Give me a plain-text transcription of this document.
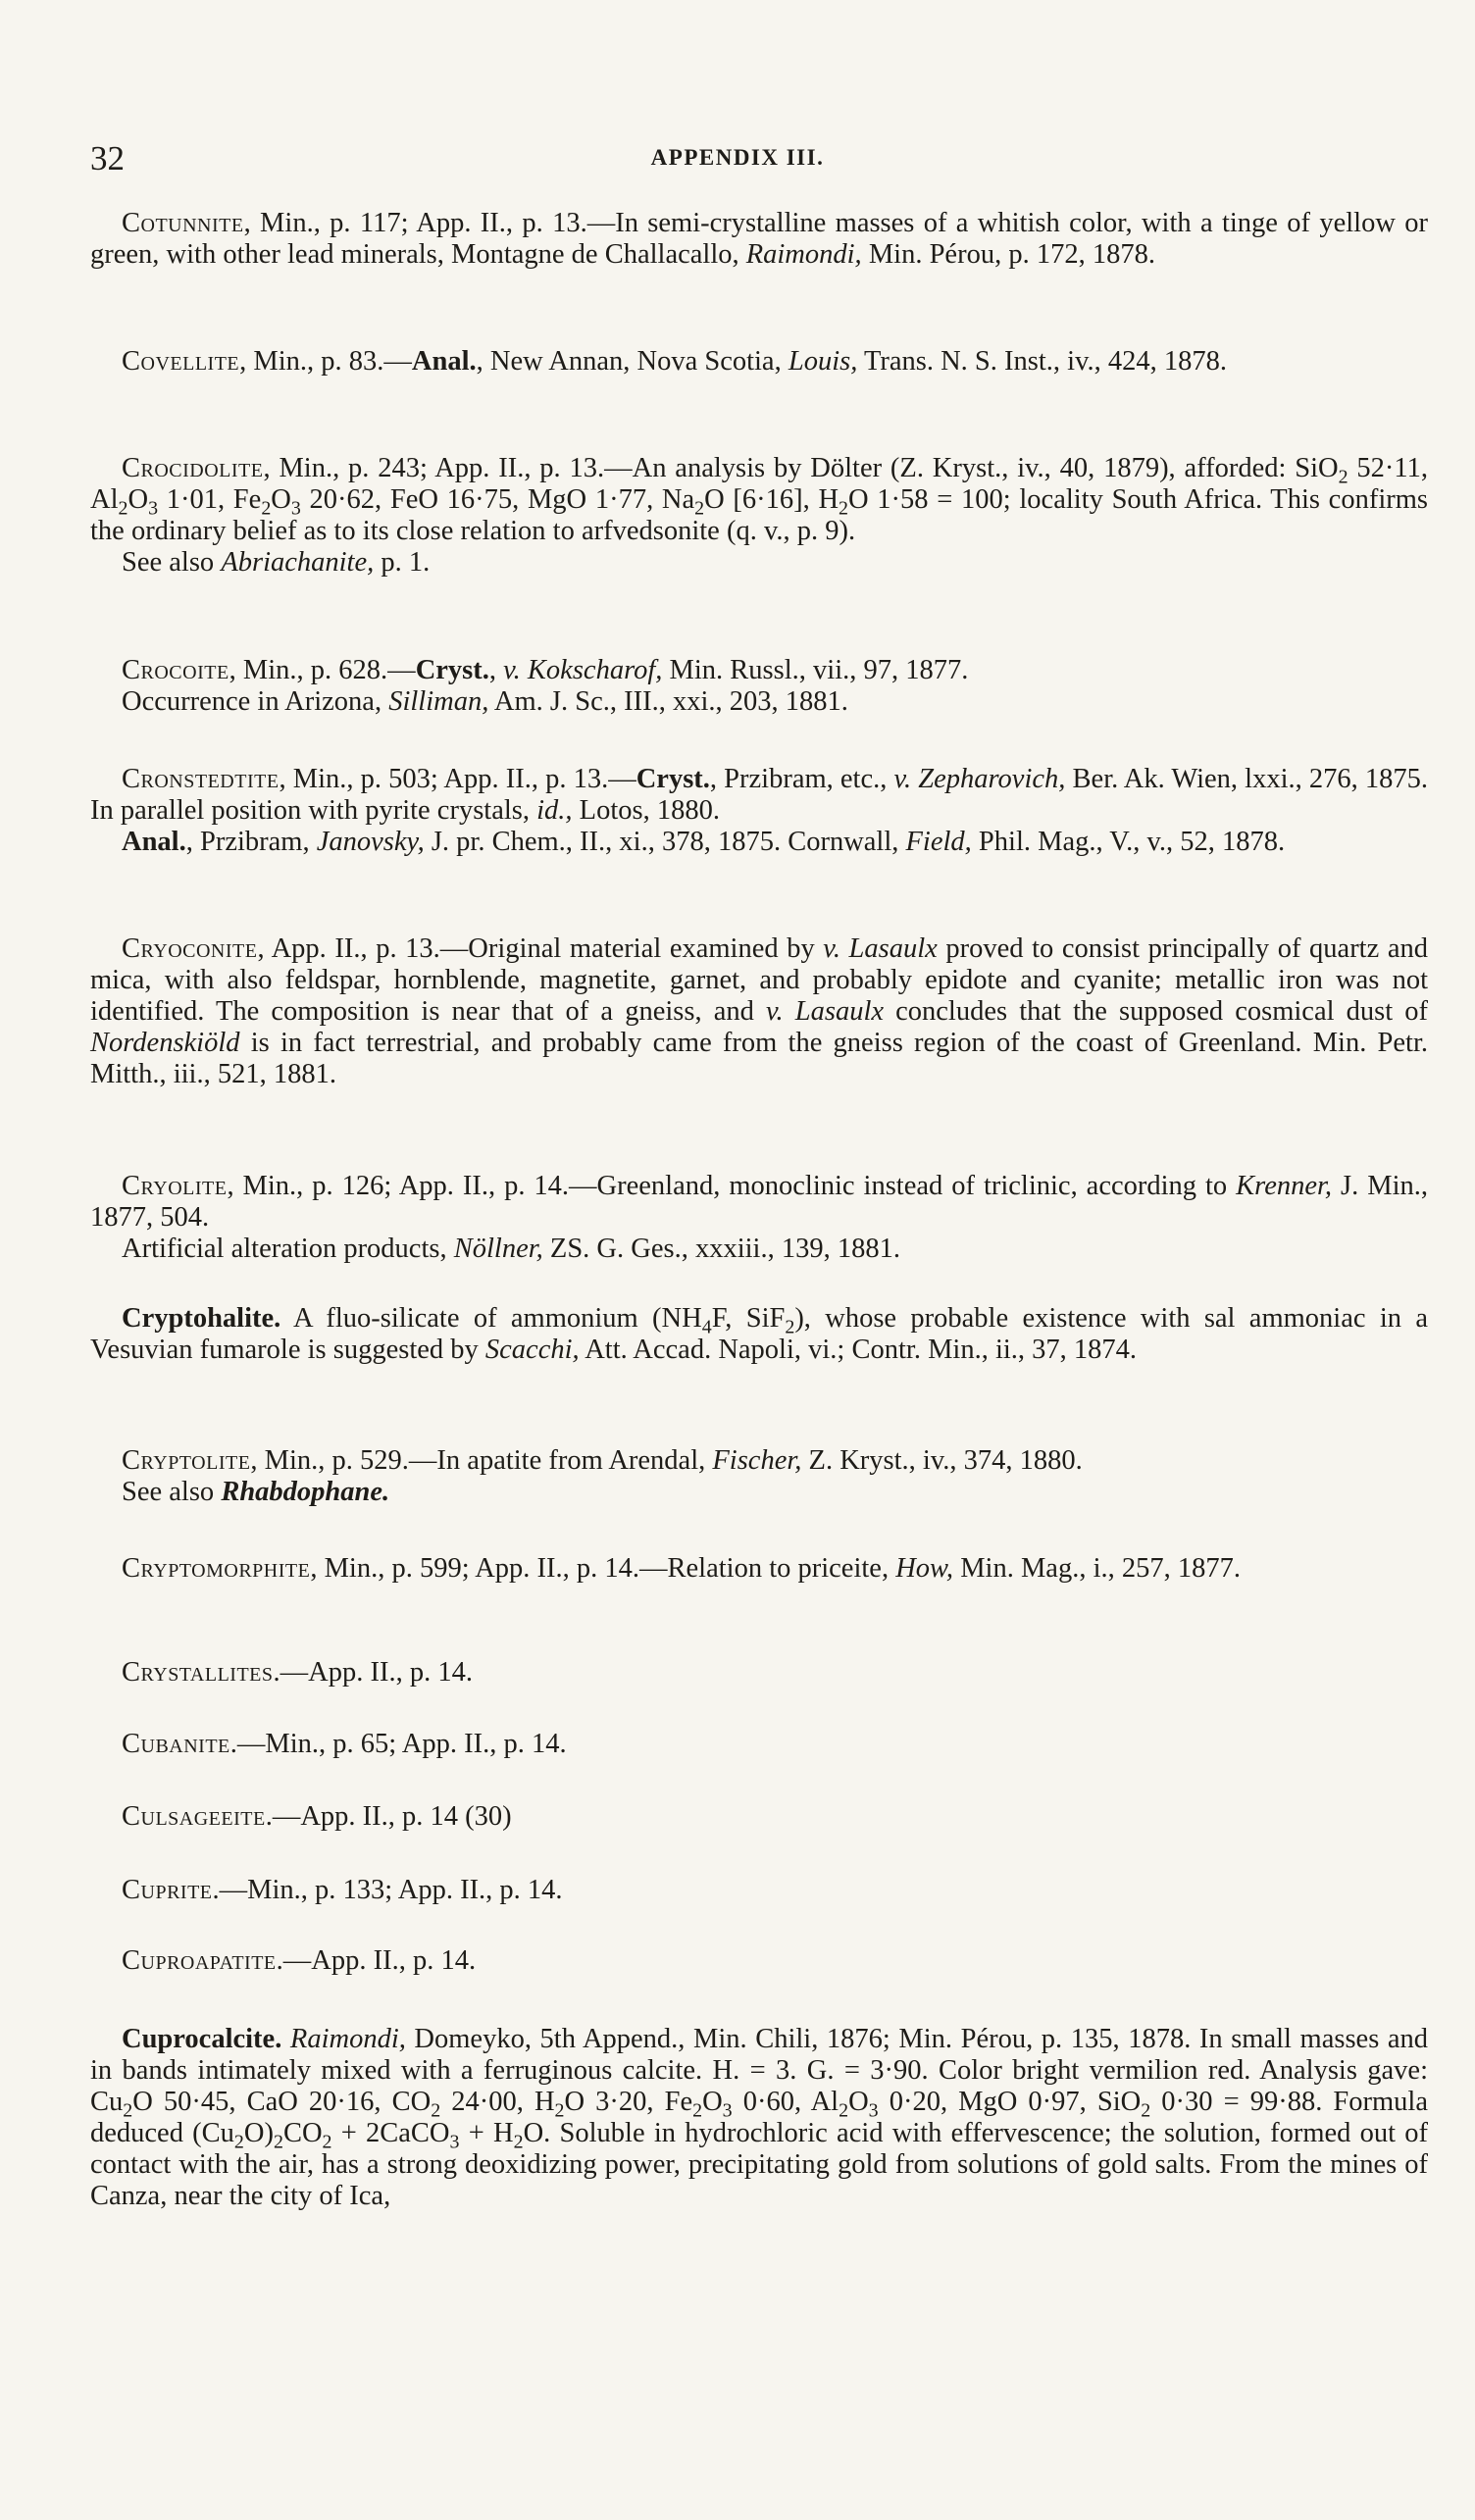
32	APPENDIX III.

Cotunnite, Min., p. 117; App. II., p. 13.—In semi-crystalline masses of a whitish color, with a tinge of yellow or green, with other lead minerals, Montagne de Challacallo, Raimondi, Min. Pérou, p. 172, 1878.

Covellite, Min., p. 83.—Anal., New Annan, Nova Scotia, Louis, Trans. N. S. Inst., iv., 424, 1878.

Crocidolite, Min., p. 243; App. II., p. 13.—An analysis by Dölter (Z. Kryst., iv., 40, 1879), afforded: SiO$_2$ 52·11, $Al_2O_3$ 1·01, $Fe_2O_3$ 20·62, FeO 16·75, MgO 1·77, $Na_2O$ [6·16], $H_2O$ 1·58 = 100; locality South Africa. This confirms the ordinary belief as to its close relation to arfvedsonite (q. v., p. 9).

See also Abriachanite, p. 1.

Crocoite, Min., p. 628.—Cryst., v. Kokscharof, Min. Russl., vii., 97, 1877.

Occurrence in Arizona, Silliman, Am. J. Sc., III., xxi., 203, 1881.

Cronstedtite, Min., p. 503; App. II., p. 13.—Cryst., Przibram, etc., v. Zepharovich, Ber. Ak. Wien, lxxi., 276, 1875. In parallel position with pyrite crystals, id., Lotos, 1880.

Anal., Przibram, Janovsky, J. pr. Chem., II., xi., 378, 1875. Cornwall, Field, Phil. Mag., V., v., 52, 1878.

Cryoconite, App. II., p. 13.—Original material examined by v. Lasaulx proved to consist principally of quartz and mica, with also feldspar, hornblende, magnetite, garnet, and probably epidote and cyanite; metallic iron was not identified. The composition is near that of a gneiss, and v. Lasaulx concludes that the supposed cosmical dust of Nordenskiöld is in fact terrestrial, and probably came from the gneiss region of the coast of Greenland. Min. Petr. Mitth., iii., 521, 1881.

Cryolite, Min., p. 126; App. II., p. 14.—Greenland, monoclinic instead of triclinic, according to Krenner, J. Min., 1877, 504.

Artificial alteration products, Nöllner, ZS. G. Ges., xxxiii., 139, 1881.

Cryptohalite. A fluo-silicate of ammonium ($NH_4F$, SiF$_2$), whose probable existence with sal ammoniac in a Vesuvian fumarole is suggested by Scacchi, Att. Accad. Napoli, vi.; Contr. Min., ii., 37, 1874.

Cryptolite, Min., p. 529.—In apatite from Arendal, Fischer, Z. Kryst., iv., 374, 1880.

See also Rhabdophane.

Cryptomorphite, Min., p. 599; App. II., p. 14.—Relation to priceite, How, Min. Mag., i., 257, 1877.

Crystallites.—App. II., p. 14.

Cubanite.—Min., p. 65; App. II., p. 14.

Culsageeite.—App. II., p. 14 (30)

Cuprite.—Min., p. 133; App. II., p. 14.

Cuproapatite.—App. II., p. 14.

Cuprocalcite. Raimondi, Domeyko, 5th Append., Min. Chili, 1876; Min. Pérou, p. 135, 1878. In small masses and in bands intimately mixed with a ferruginous calcite. H. = 3. G. = 3·90. Color bright vermilion red. Analysis gave: $Cu_2O$ 50·45, CaO 20·16, $CO_2$ 24·00, $H_2O$ 3·20, $Fe_2O_3$ 0·60, $Al_2O_3$ 0·20, MgO 0·97, SiO$_2$ 0·30 = 99·88. Formula deduced $(Cu_2O)_2CO_2$ + 2CaCO$_3$ + $H_2O$. Soluble in hydrochloric acid with effervescence; the solution, formed out of contact with the air, has a strong deoxidizing power, precipitating gold from solutions of gold salts. From the mines of Canza, near the city of Ica,
